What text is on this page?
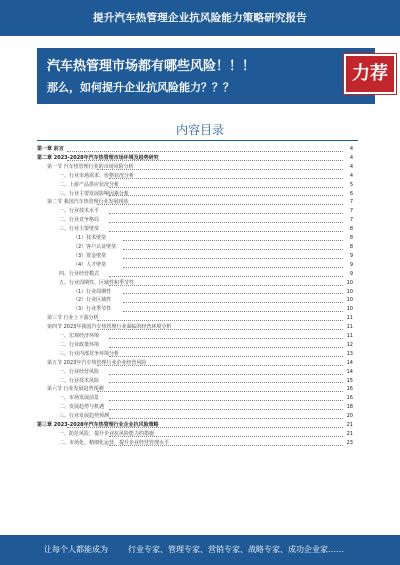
提升汽车热管理企业抗风险能力策略研究报告
汽车热管理市场都有哪些风险！！！
那么，如何提升企业抗风险能力？？？
力荐
内容目录
第一章 前言	4
第二章 2023-2028年汽车热管理市场环境及趋势研究	4
第一节 汽车热管理行业的市场风险分析	4
一、行业市场需求、价格状况分析	4
二、上游产品供应状况分析	5
三、行业主要发展影响因素分析	6
第二节 我国汽车热管理行业发展现状	7
一、行业技术水平	7
二、行业竞争格局	7
三、行业主要壁垒	8
（1）技术壁垒	8
（2）客户认证壁垒	8
（3）资金壁垒	9
（4）人才壁垒	9
四、行业经营模式	9
五、行业周期性、区域性和季节性	10
（1）行业周期性	10
（2）行业区域性	10
（3）行业季节性	10
第三节 行业上下游分析	11
第四节 2023年我国汽车热管理行业面临的经营环境分析	11
一、宏观经济环境	11
二、行业政策环境	12
三、行业内部竞争环境分析	13
第五节 2023年汽车热管理行业企业经营风险	14
一、行业经营风险	14
二、行业技术风险	15
第六节 行业发展趋势预测	16
一、市场发展前景	16
二、发展趋势与机遇	18
三、行业发展趋势预测	20
第三章 2023-2028年汽车热管理行业企业抗风险策略	21
一、防范风险，提升企业抗风险能力的措施	21
二、市场化、精细化运营，提升企业经营管理水平	23
让每个人都能成为	行业专家、管理专家、营销专家、战略专家、成功企业家……
